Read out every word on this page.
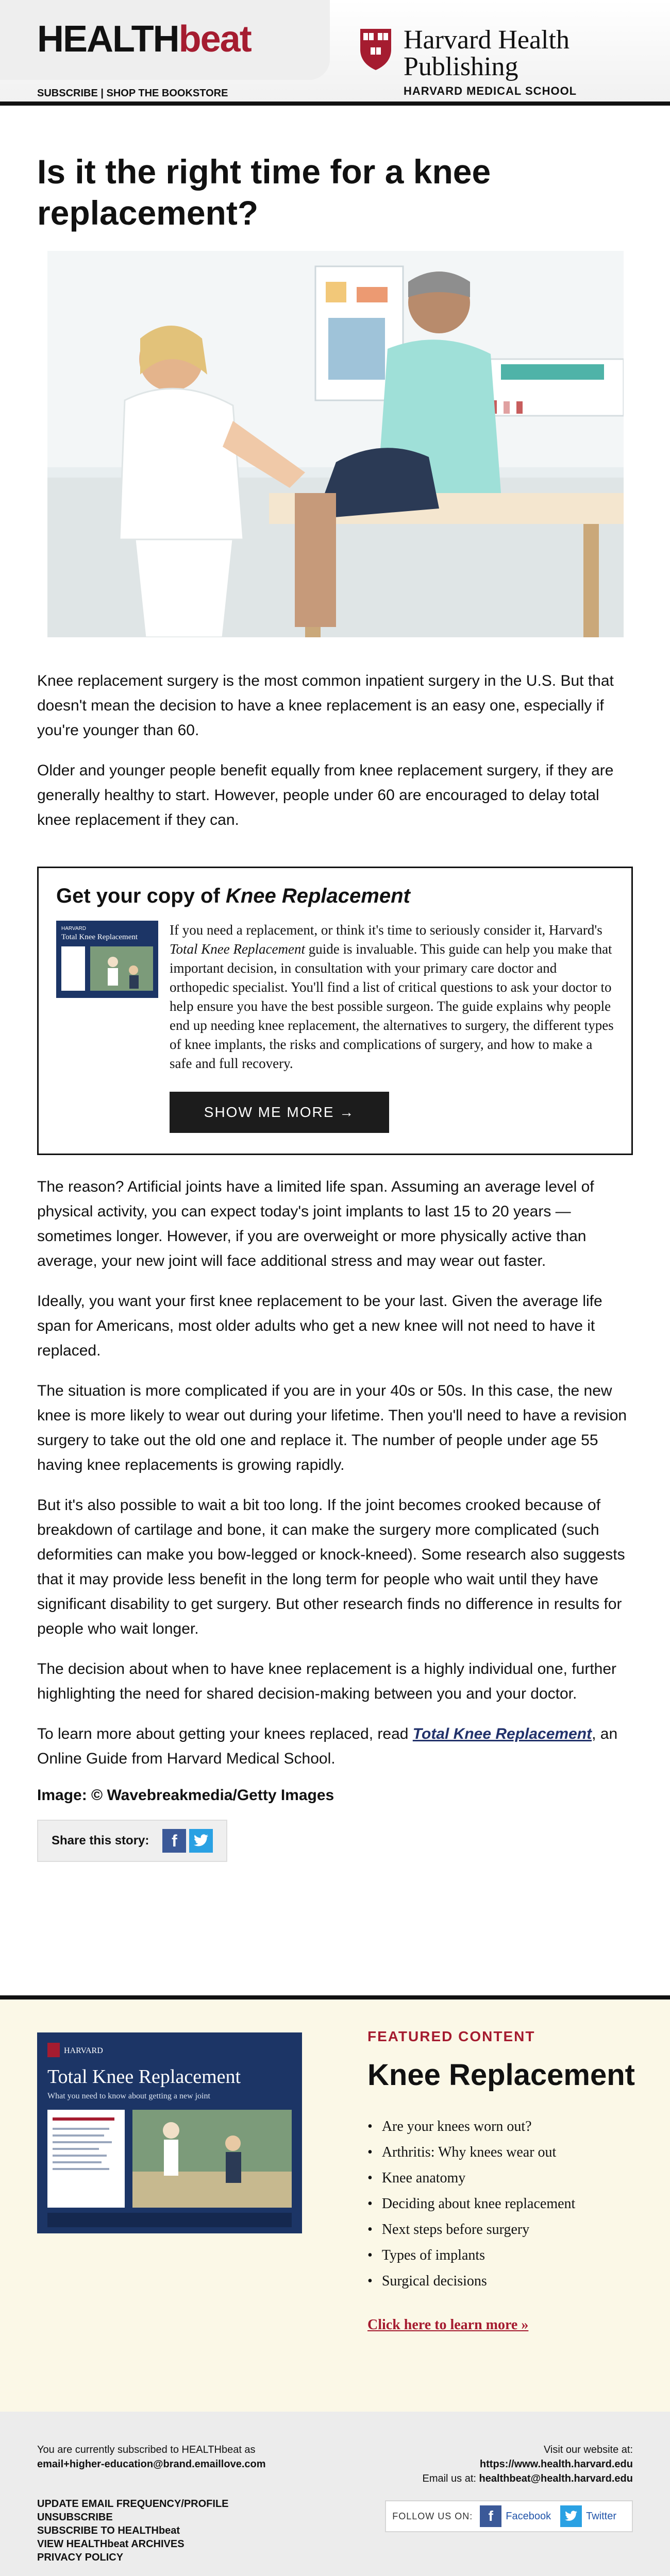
HEALTHbeat
SUBSCRIBE | SHOP THE BOOKSTORE
Harvard Health
Publishing
HARVARD MEDICAL SCHOOL
Is it the right time for a knee replacement?

Knee replacement surgery is the most common inpatient surgery in the U.S. But that doesn't mean the decision to have a knee replacement is an easy one, especially if you're younger than 60.

Older and younger people benefit equally from knee replacement surgery, if they are generally healthy to start. However, people under 60 are encouraged to delay total knee replacement if they can.

Get your copy of Knee Replacement
HARVARD
Total Knee Replacement If you need a replacement, or think it's time to seriously consider it, Harvard's Total Knee Replacement guide is invaluable. This guide can help you make that important decision, in consultation with your primary care doctor and orthopedic specialist. You'll find a list of critical questions to ask your doctor to help ensure you have the best possible surgeon. The guide explains why people end up needing knee replacement, the alternatives to surgery, the different types of knee implants, the risks and complications of surgery, and how to make a safe and full recovery.
SHOW ME MORE →

The reason? Artificial joints have a limited life span. Assuming an average level of physical activity, you can expect today's joint implants to last 15 to 20 years — sometimes longer. However, if you are overweight or more physically active than average, your new joint will face additional stress and may wear out faster.

Ideally, you want your first knee replacement to be your last. Given the average life span for Americans, most older adults who get a new knee will not need to have it replaced.

The situation is more complicated if you are in your 40s or 50s. In this case, the new knee is more likely to wear out during your lifetime. Then you'll need to have a revision surgery to take out the old one and replace it. The number of people under age 55 having knee replacements is growing rapidly.

But it's also possible to wait a bit too long. If the joint becomes crooked because of breakdown of cartilage and bone, it can make the surgery more complicated (such deformities can make you bow-legged or knock-kneed). Some research also suggests that it may provide less benefit in the long term for people who wait until they have significant disability to get surgery. But other research finds no difference in results for people who wait longer.

The decision about when to have knee replacement is a highly individual one, further highlighting the need for shared decision-making between you and your doctor.

To learn more about getting your knees replaced, read Total Knee Replacement, an Online Guide from Harvard Medical School.

Image: © Wavebreakmedia/Getty Images

Share this story:	f
HARVARD
Total Knee Replacement
What you need to know about getting a new joint
FEATURED CONTENT
Knee Replacement
• Are your knees worn out?
• Arthritis: Why knees wear out
• Knee anatomy
• Deciding about knee replacement
• Next steps before surgery
• Types of implants
• Surgical decisions
Click here to learn more »
You are currently subscribed to HEALTHbeat as
email+higher-education@brand.emaillove.com
UPDATE EMAIL FREQUENCY/PROFILE
UNSUBSCRIBE
SUBSCRIBE TO HEALTHbeat
VIEW HEALTHbeat ARCHIVES
PRIVACY POLICY
Visit our website at:
https://www.health.harvard.edu
Email us at: healthbeat@health.harvard.edu
FOLLOW US ON:	f	Facebook	Twitter
